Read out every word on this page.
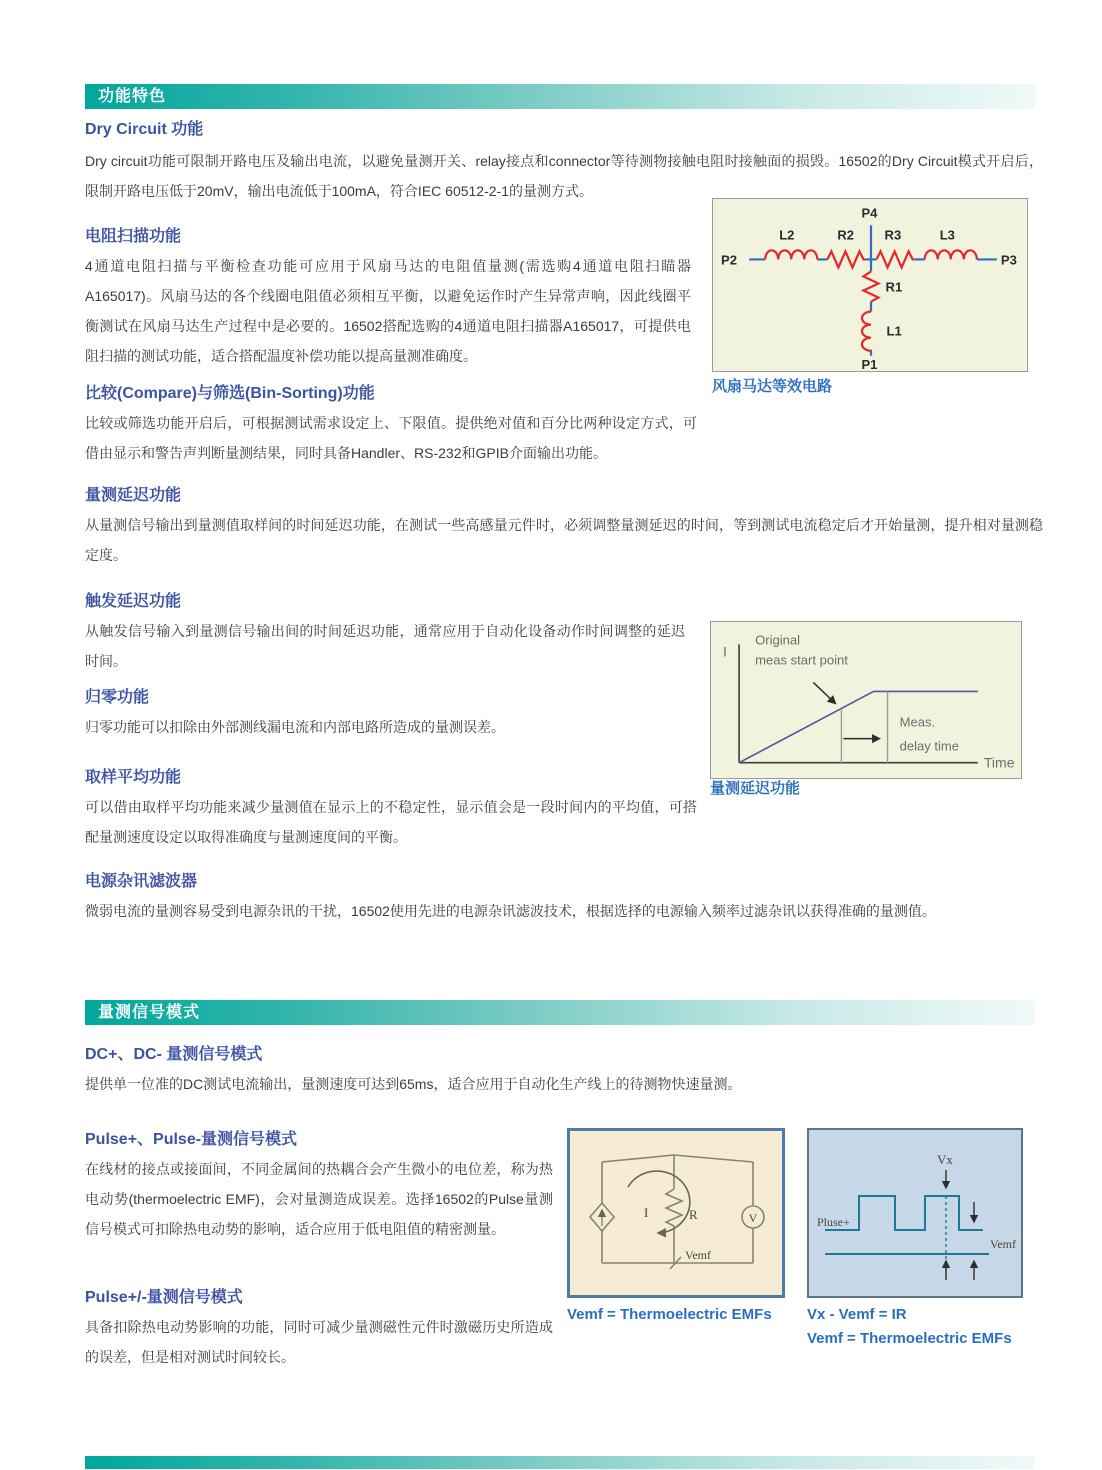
功能特色
Dry Circuit 功能
Dry circuit功能可限制开路电压及输出电流，以避免量测开关、relay接点和connector等待测物接触电阻时接触面的损毁。16502的Dry Circuit模式开启后，限制开路电压低于20mV，输出电流低于100mA，符合IEC 60512-2-1的量测方式。
电阻扫描功能
4通道电阻扫描与平衡检查功能可应用于风扇马达的电阻值量测(需选购4通道电阻扫瞄器A165017)。风扇马达的各个线圈电阻值必须相互平衡，以避免运作时产生异常声响，因此线圈平衡测试在风扇马达生产过程中是必要的。16502搭配选购的4通道电阻扫描器A165017，可提供电阻扫描的测试功能，适合搭配温度补偿功能以提高量测准确度。
P4
P2	P3
P1
L2	R2 R3	L3
R1
L1
风扇马达等效电路
比较(Compare)与筛选(Bin-Sorting)功能
比较或筛选功能开启后，可根据测试需求设定上、下限值。提供绝对值和百分比两种设定方式，可借由显示和警告声判断量测结果，同时具备Handler、RS-232和GPIB介面输出功能。
量测延迟功能
从量测信号输出到量测值取样间的时间延迟功能，在测试一些高感量元件时，必须调整量测延迟的时间，等到测试电流稳定后才开始量测，提升相对量测稳定度。
触发延迟功能
从触发信号输入到量测信号输出间的时间延迟功能，通常应用于自动化设备动作时间调整的延迟时间。
I
Time
Original
meas start point
Meas.
delay time
量测延迟功能
归零功能
归零功能可以扣除由外部测线漏电流和内部电路所造成的量测误差。
取样平均功能
可以借由取样平均功能来减少量测值在显示上的不稳定性，显示值会是一段时间内的平均值，可搭配量测速度设定以取得准确度与量测速度间的平衡。
电源杂讯滤波器
微弱电流的量测容易受到电源杂讯的干扰，16502使用先进的电源杂讯滤波技术，根据选择的电源输入频率过滤杂讯以获得准确的量测值。
量测信号模式
DC+、DC- 量测信号模式
提供单一位准的DC测试电流输出，量测速度可达到65ms，适合应用于自动化生产线上的待测物快速量测。
Pulse+、Pulse-量测信号模式
在线材的接点或接面间，不同金属间的热耦合会产生微小的电位差，称为热电动势(thermoelectric EMF)，会对量测造成误差。选择16502的Pulse量测信号模式可扣除热电动势的影响，适合应用于低电阻值的精密测量。
I	R	V
Vemf
Vemf = Thermoelectric EMFs
Vx
Vemf
Pluse+
Vx - Vemf = IR
Vemf = Thermoelectric EMFs
Pulse+/-量测信号模式
具备扣除热电动势影响的功能，同时可减少量测磁性元件时激磁历史所造成的误差，但是相对测试时间较长。
